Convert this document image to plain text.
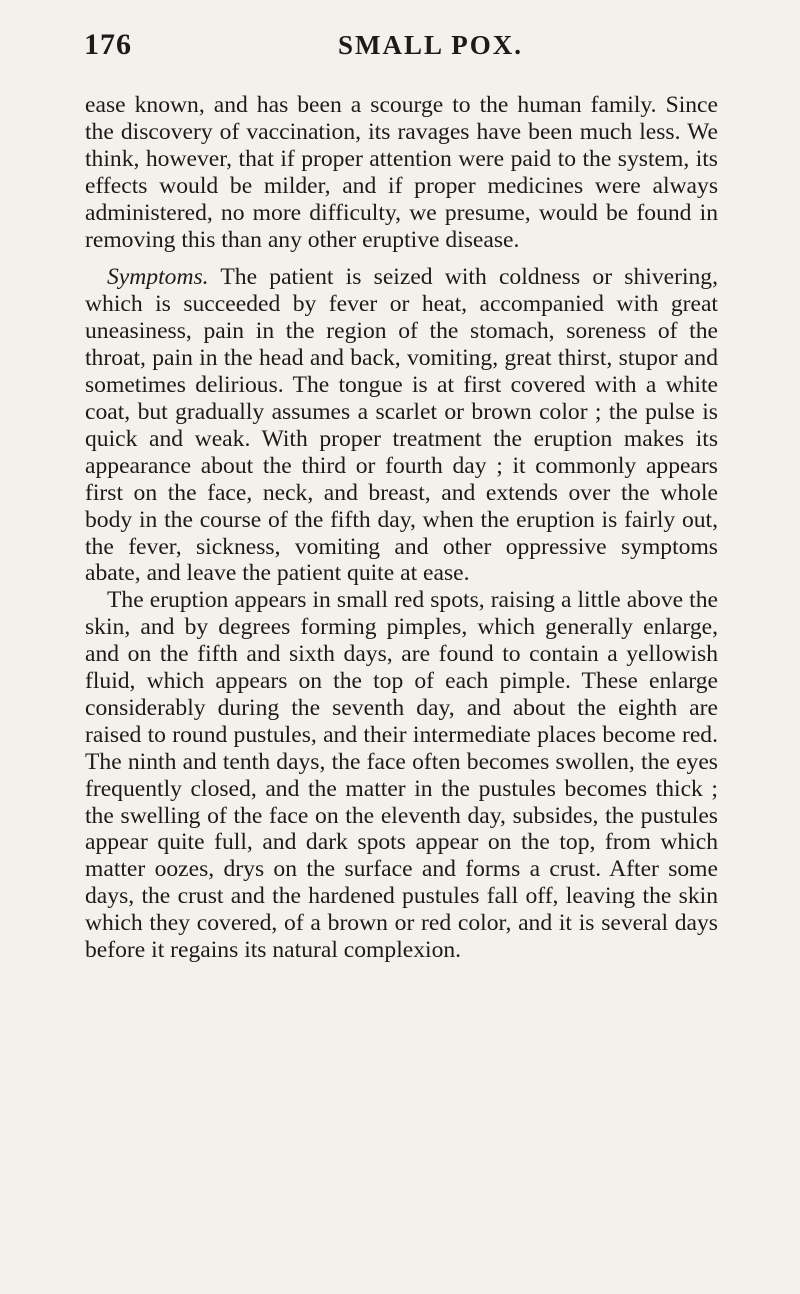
176	SMALL POX.

ease known, and has been a scourge to the human family. Since the discovery of vaccination, its ravages have been much less. We think, however, that if proper attention were paid to the system, its effects would be milder, and if proper medicines were always administered, no more difficulty, we presume, would be found in removing this than any other eruptive disease.

Symptoms. The patient is seized with coldness or shivering, which is succeeded by fever or heat, accompanied with great uneasiness, pain in the region of the stomach, soreness of the throat, pain in the head and back, vomiting, great thirst, stupor and sometimes delirious. The tongue is at first covered with a white coat, but gradually assumes a scarlet or brown color ; the pulse is quick and weak. With proper treatment the eruption makes its appearance about the third or fourth day ; it commonly appears first on the face, neck, and breast, and extends over the whole body in the course of the fifth day, when the eruption is fairly out, the fever, sickness, vomiting and other oppressive symptoms abate, and leave the patient quite at ease.

The eruption appears in small red spots, raising a little above the skin, and by degrees forming pimples, which generally enlarge, and on the fifth and sixth days, are found to contain a yellowish fluid, which appears on the top of each pimple. These enlarge considerably during the seventh day, and about the eighth are raised to round pustules, and their intermediate places become red. The ninth and tenth days, the face often becomes swollen, the eyes frequently closed, and the matter in the pustules becomes thick ; the swelling of the face on the eleventh day, subsides, the pustules appear quite full, and dark spots appear on the top, from which matter oozes, drys on the surface and forms a crust. After some days, the crust and the hardened pustules fall off, leaving the skin which they covered, of a brown or red color, and it is several days before it regains its natural complexion.
